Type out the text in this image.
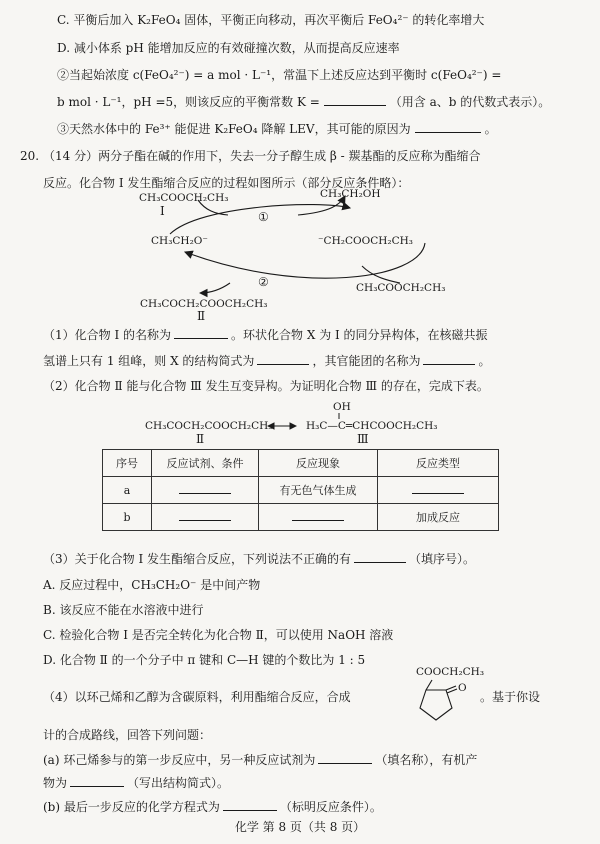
C. 平衡后加入 K₂FeO₄ 固体，平衡正向移动，再次平衡后 FeO₄²⁻ 的转化率增大
D. 减小体系 pH 能增加反应的有效碰撞次数，从而提高反应速率
②当起始浓度 c(FeO₄²⁻) = a mol · L⁻¹，常温下上述反应达到平衡时 c(FeO₄²⁻) =
b mol · L⁻¹，pH =5，则该反应的平衡常数 K =	（用含 a、b 的代数式表示）。
③天然水体中的 Fe³⁺ 能促进 K₂FeO₄ 降解 LEV，其可能的原因为	。
20. （14 分）两分子酯在碱的作用下，失去一分子醇生成 β - 羰基酯的反应称为酯缩合
反应。化合物 Ⅰ 发生酯缩合反应的过程如图所示（部分反应条件略）：
CH₃COOCH₂CH₃
Ⅰ
CH₃CH₂OH
①
CH₃CH₂O⁻	⁻CH₂COOCH₂CH₃
②	CH₃COOCH₂CH₃
CH₃COCH₂COOCH₂CH₃
Ⅱ
（1）化合物 Ⅰ 的名称为	。环状化合物 X 为 Ⅰ 的同分异构体，在核磁共振
氢谱上只有 1 组峰，则 X 的结构简式为	，其官能团的名称为	。
（2）化合物 Ⅱ 能与化合物 Ⅲ 发生互变异构。为证明化合物 Ⅲ 的存在，完成下表。
CH₃COCH₂COOCH₂CH₃
Ⅱ
OH
H₃C—C═CHCOOCH₂CH₃
Ⅲ
序号	反应试剂、条件	反应现象	反应类型
a		有无色气体生成	
b			加成反应
（3）关于化合物 Ⅰ 发生酯缩合反应，下列说法不正确的有	（填序号）。
A. 反应过程中，CH₃CH₂O⁻ 是中间产物
B. 该反应不能在水溶液中进行
C. 检验化合物 Ⅰ 是否完全转化为化合物 Ⅱ，可以使用 NaOH 溶液
D. 化合物 Ⅱ 的一个分子中 π 键和 C—H 键的个数比为 1 : 5
（4）以环己烯和乙醇为含碳原料，利用酯缩合反应，合成
COOCH₂CH₃
O
。基于你设
计的合成路线，回答下列问题：
(a) 环己烯参与的第一步反应中，另一种反应试剂为	（填名称），有机产
物为	（写出结构简式）。
(b) 最后一步反应的化学方程式为	（标明反应条件）。
化学 第 8 页（共 8 页）
